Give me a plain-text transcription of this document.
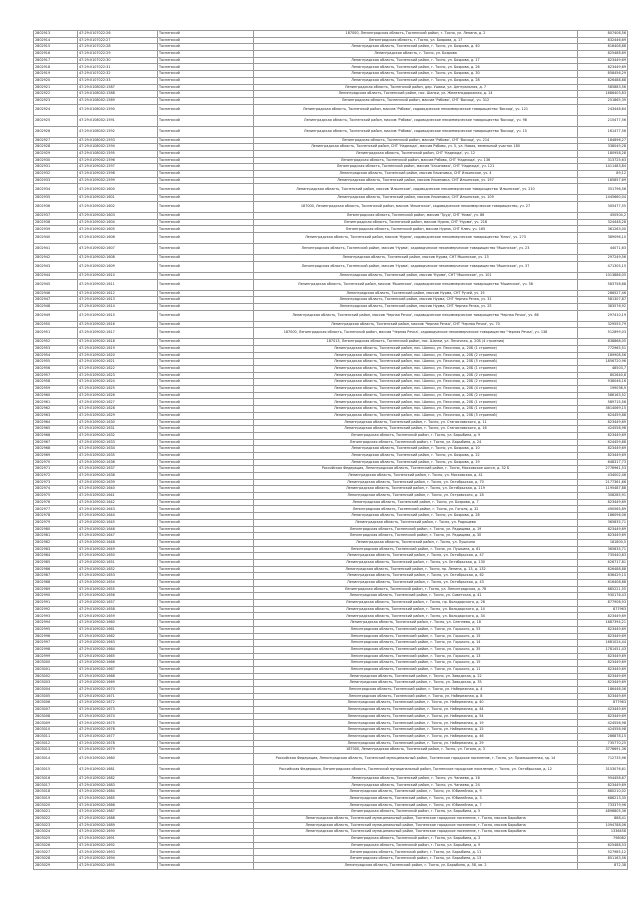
2802913	47:29:0107022:26	Тосненский	187000, Ленинградская область, Тосненский район, г. Тосно, ул. Ленина, д. 2	807408,56
2802914	47:29:0107022:27	Тосненский	Ленинградская область, г. Тосно, ул. Боярова, д. 17	832446,69
2802915	47:29:0107022:28	Тосненский	Ленинградская область, Тосненский район, г. Тосно, ул. Боярова, д. 40	816408,88
2802916	47:29:0107022:29	Тосненский	Ленинградская область, г. Тосно, ул. Боярова	825488,69
2802917	47:29:0107022:30	Тосненский	Ленинградская область, Тосненский район, г. Тосно, ул. Боярова, д. 17	823449,69
2802918	47:29:0107022:31	Тосненский	Ленинградская область, Тосненский район, г. Тосно, ул. Боярова, д. 26	823449,69
2802919	47:29:0107022:32	Тосненский	Ленинградская область, Тосненский район, г. Тосно, ул. Боярова, д. 30	858456,29
2802920	47:29:0107022:33	Тосненский	Ленинградская область, Тосненский район, г. Тосно, ул. Боярова, д. 28	826488,88
2802921	47:29:0108002:1587	Тосненский	Ленинградская область, Тосненский район, дер. Ушаки, ул. Центральная, д. 7	585883,56
2802922	47:29:0108002:1588	Тосненский	Ленинградская область, Тосненский район, пос. Шапки, ул. Железнодорожная, д. 14	1686403,83
2802923	47:29:0108002:1589	Тосненский	Ленинградская область, Тосненский район, массив 'Рябово', СНТ 'Восход', уч. 312	251865,39
2802924	47:29:0108002:1590	Тосненский	Ленинградская область, Тосненский район, массив 'Рябово', садоводческое некоммерческое товарищество 'Восход', уч. 121	243448,64
2802925	47:29:0108002:1591	Тосненский	Ленинградская область, Тосненский район, массив 'Рябово', садоводческое некоммерческое товарищество 'Восход', уч. 98	215477,56
2802926	47:29:0108002:1592	Тосненский	Ленинградская область, Тосненский район, массив 'Рябово', садоводческое некоммерческое товарищество 'Восход', уч. 15	161477,56
2802927	47:29:0108002:1593	Тосненский	Ленинградская область, Тосненский район, массив 'Рябово', СНТ 'Восход', уч. 214	184896,27
2802928	47:29:0108002:1594	Тосненский	Ленинградская область, Тосненский район, СНТ 'Надежда', массив Рябово, уч. 5, ул. Новая, земельный участок 180	338049,28
2802929	47:29:0108002:1595	Тосненский	Ленинградская область, Тосненский район, СНТ 'Надежда', уч. 12	180958,28
2802930	47:29:0109002:1596	Тосненский	Ленинградская область, Тосненский район, массив Рябово, СНТ 'Надежда', уч. 136	313725,63
2802931	47:29:0109002:1597	Тосненский	Ленинградская область, Тосненский район, массив 'Ульяновка', СНТ 'Надежда', уч. 121	1411483,84
2802932	47:29:0109002:1598	Тосненский	Ленинградская область, Тосненский район, массив Ульяновка, СНТ Ильинское, уч. 4	89,12
2802933	47:29:0109002:1599	Тосненский	Ленинградская область, Тосненский район, массив Ульяновка, СНТ Ильинское, уч. 197	185857,69
2802934	47:29:0109002:1600	Тосненский	Ленинградская область, Тосненский район, массив 'Ильинское', садоводческое некоммерческое товарищество 'Ильинское', уч. 210	351796,56
2802935	47:29:0109002:1601	Тосненский	Ленинградская область, Тосненский район, массив Ульяновка, СНТ Ильинское, уч. 109	1445660,04
2802936	47:29:0109002:1602	Тосненский	187000, Ленинградская область, Тосненский район, массив 'Ильинское', садоводческое некоммерческое товарищество, уч. 27	305477,55
2802937	47:29:0109002:1603	Тосненский	Ленинградская область, Тосненский район, массив 'Труд', СНТ 'Нива', уч. 86	450504,2
2802938	47:29:0109002:1604	Тосненский	Ленинградская область, Тосненский район, массив Нурма, СНТ 'Нурма', уч. 218	324448,28
2802939	47:29:0109002:1605	Тосненский	Ленинградская область, Тосненский район, массив Нурма, СНТ Ключ, уч. 165	361263,00
2802940	47:29:0109002:1606	Тосненский	Ленинградская область, Тосненский район, массив 'Нурма', садоводческое некоммерческое товарищество 'Ключ', уч. 273	389096,10
2802941	47:29:0109002:1607	Тосненский	Ленинградская область, Тосненский район, массив 'Нурма', садоводческое некоммерческое товарищество 'Мшинское', уч. 23	44071,63
2802942	47:29:0109002:1608	Тосненский	Ленинградская область, Тосненский район, массив Нурма, СНТ Мшинское, уч. 13	297249,56
2802943	47:29:0109002:1609	Тосненский	Ленинградская область, Тосненский район, массив 'Нурма', садоводческое некоммерческое товарищество 'Мшинское', уч. 37	471305,15
2802944	47:29:0109002:1610	Тосненский	Ленинградская область, Тосненский район, массив 'Нурма', СНТ 'Мшинское', уч. 101	1013886,05
2802945	47:29:0109002:1611	Тосненский	Ленинградская область, Тосненский район, массив 'Мшинская', садоводческое некоммерческое товарищество 'Мшинское', уч. 58	583758,68
2802946	47:29:0109002:1612	Тосненский	Ленинградская область, Тосненский район, массив Нурма, СНТ Ручей, уч. 19	286527,46
2802947	47:29:0109002:1613	Тосненский	Ленинградская область, Тосненский район, массив Нурма, СНТ Черная Речка, уч. 31	581307,87
2802948	47:29:0109002:1614	Тосненский	Ленинградская область, Тосненский район, массив Нурма, СНТ Черная Речка, уч. 25	383576,92
2802949	47:29:0109002:1615	Тосненский	Ленинградская область, Тосненский район, массив 'Черная Речка', садоводческое некоммерческое товарищество 'Черная Речка', уч. 66	297410,19
2802950	47:29:0109002:1616	Тосненский	Ленинградская область, Тосненский район, массив 'Черная Речка', СНТ 'Черная Речка', уч. 70	329555,79
2802951	47:29:0109002:1617	Тосненский	187000, Ленинградская область, Тосненский район, массив 'Черная Речка', садоводческое некоммерческое товарищество 'Черная Речка', уч. 138	512899,03
2802952	47:29:0109002:1618	Тосненский	187013, Ленинградская область, Тосненский район, пос. Шапки, ул. Песочная, д. 20Б (4 строения)	838868,05
2802953	47:29:0109002:1619	Тосненский	Ленинградская область, Тосненский район, пос. Шапки, ул. Песочная, д. 20Б (1 строение)	772965,51
2802954	47:29:0109002:1620	Тосненский	Ленинградская область, Тосненский район, пос. Шапки, ул. Песочная, д. 20Б (2 строения)	189908,56
2802955	47:29:0109002:1621	Тосненский	Ленинградская область, Тосненский район, пос. Шапки, ул. Песочная, д. 20Б (5 строений)	1856720,96
2802956	47:29:0109002:1622	Тосненский	Ленинградская область, Тосненский район, пос. Шапки, ул. Песочная, д. 20Б (1 строение)	48503,7
2802957	47:29:0109002:1623	Тосненский	Ленинградская область, Тосненский район, пос. Шапки, ул. Песочная, д. 20Б (2 строения)	802640,8
2802958	47:29:0109002:1624	Тосненский	Ленинградская область, Тосненский район, пос. Шапки, ул. Песочная, д. 20Б (2 строения)	938046,16
2802959	47:29:0109002:1625	Тосненский	Ленинградская область, Тосненский район, пос. Шапки, ул. Песочная, д. 20Б (4 строения)	199036,9
2802960	47:29:0109002:1626	Тосненский	Ленинградская область, Тосненский район, пос. Шапки, ул. Песочная, д. 20Б (2 строения)	586163,52
2802961	47:29:0109002:1627	Тосненский	Ленинградская область, Тосненский район, пос. Шапки, ул. Песочная, д. 20Б (1 строение)	589715,56
2802962	47:29:0109002:1628	Тосненский	Ленинградская область, Тосненский район, пос. Шапки, ул. Песочная, д. 20Б (1 строение)	3614069,15
2802963	47:29:0109002:1629	Тосненский	Ленинградская область, Тосненский район, пос. Шапки, ул. Песочная, д. 20Б (5 строений)	624459,88
2802964	47:29:0109002:1630	Тосненский	Ленинградская область, Тосненский район, г. Тосно, ул. Станиславского, д. 11	823449,69
2802965	47:29:0109002:1631	Тосненский	Ленинградская область, Тосненский район, г. Тосно, ул. Станиславского, д. 16	424558,98
2802966	47:29:0109002:1632	Тосненский	Ленинградская область, Тосненский район, г. Тосно, ул. Барыбина, д. 9	823449,69
2802967	47:29:0109002:1633	Тосненский	Ленинградская область, Тосненский район, г. Тосно, ул. Барыбина, д. 24	624459,88
2802968	47:29:0109002:1634	Тосненский	Ленинградская область, Тосненский район, г. Тосно, ул. Боярова, д. 10	823449,69
2802969	47:29:0109002:1635	Тосненский	Ленинградская область, Тосненский район, г. Тосно, ул. Боярова, д. 22	823449,69
2802970	47:29:0109002:1636	Тосненский	Ленинградская область, Тосненский район, г. Тосно, ул. Боярова, д. 19	648317,73
2802971	47:29:0109002:1637	Тосненский	Российская Федерация, Ленинградская область, Тосненский район, г. Тосно, Московское шоссе, д. 32 Б	2776961,53
2802972	47:29:0109002:1638	Тосненский	Ленинградская область, Тосненский район, г. Тосно, ул. Московская, д. 41	434002,46
2802973	47:29:0109002:1639	Тосненский	Ленинградская область, Тосненский район, г. Тосно, ул. Октябрьская, д. 70	2177361,66
2802974	47:29:0109002:1640	Тосненский	Ленинградская область, Тосненский район, г. Тосно, ул. Октябрьская, д. 119	1195487,88
2802975	47:29:0109002:1641	Тосненский	Ленинградская область, Тосненский район, г. Тосно, ул. Островского, д. 18	308285,91
2802976	47:29:0109002:1642	Тосненский	Ленинградская область, Тосненский район, г. Тосно, ул. Боярова, д. 7	823449,69
2802977	47:29:0109002:1643	Тосненский	Ленинградская область, Тосненский район, г. Тосно, ул. Гоголя, д. 32	490565,89
2802978	47:29:0109002:1644	Тосненский	Ленинградская область, Тосненский район, г. Тосно, ул. Боярова, д. 28	186096,06
2802979	47:29:0109002:1645	Тосненский	Ленинградская область, Тосненский район, г. Тосно, ул. Радищева	365835,71
2802980	47:29:0109002:1646	Тосненский	Ленинградская область, Тосненский район, г. Тосно, ул. Радищева, д. 19	823449,69
2802981	47:29:0109002:1647	Тосненский	Ленинградская область, Тосненский район, г. Тосно, ул. Радищева, д. 30	823449,69
2802982	47:29:0109002:1648	Тосненский	Ленинградская область, Тосненский район, г. Тосно, ул. Пушкина	181800,5
2802983	47:29:0109002:1649	Тосненский	Ленинградская область, Тосненский район, г. Тосно, ул. Пушкина, д. 61	365835,71
2802984	47:29:0109002:1650	Тосненский	Ленинградская область, Тосненский район, г. Тосно, ул. Октябрьская, д. 47	735440,83
2802985	47:29:0109002:1651	Тосненский	Ленинградская область, Тосненский район, г. Тосно, ул. Октябрьская, д. 130	626717,81
2802986	47:29:0109002:1652	Тосненский	Ленинградская область, Тосненский район, г. Тосно, пр. Ленина, д. 13, д. 132	826488,88
2802987	47:29:0109002:1653	Тосненский	Ленинградская область, Тосненский район, г. Тосно, ул. Октябрьская, д. 62	836429,10
2802988	47:29:0109002:1654	Тосненский	Ленинградская область, Тосненский район, г. Тосно, ул. Октябрьская, д. 43	816408,88
2802989	47:29:0109002:1655	Тосненский	Ленинградская область, Тосненский район, г. Тосно, ул. Ленинградская, д. 78	885221,55
2802990	47:29:0109002:1656	Тосненский	Ленинградская область, Тосненский район, г. Тосно, ул. Советская, д. 41	930176,43
2802991	47:29:0109002:1657	Тосненский	Ленинградская область, Тосненский район, г. Тосно, пр. Володарского, д. 26	877908,93
2802992	47:29:0109002:1658	Тосненский	Ленинградская область, Тосненский район, г. Тосно, ул. Володарского, д. 14	877963
2802993	47:29:0109002:1659	Тосненский	Ленинградская область, Тосненский район, г. Тосно, ул. Володарского, д. 34	823449,69
2802994	47:29:0109002:1660	Тосненский	Ленинградская область, Тосненский район, г. Тосно, ул. Слепнева, д. 18	1687394,21
2802995	47:29:0109002:1661	Тосненский	Ленинградская область, Тосненский район, г. Тосно, ул. Горького, д. 53	823449,69
2802996	47:29:0109002:1662	Тосненский	Ленинградская область, Тосненский район, г. Тосно, ул. Горького, д. 15	823449,69
2802997	47:29:0109002:1663	Тосненский	Ленинградская область, Тосненский район, г. Тосно, ул. Горького, д. 14	1681024,44
2802998	47:29:0109002:1664	Тосненский	Ленинградская область, Тосненский район, г. Тосно, ул. Горького, д. 35	1781451,43
2802999	47:29:0109002:1665	Тосненский	Ленинградская область, Тосненский район, г. Тосно, ул. Горького, д. 13	823449,69
2803000	47:29:0109002:1666	Тосненский	Ленинградская область, Тосненский район, г. Тосно, ул. Горького, д. 15	823449,69
2803001	47:29:0109002:1667	Тосненский	Ленинградская область, Тосненский район, г. Тосно, ул. Горького, д. 11	823449,69
2803002	47:29:0109002:1668	Тосненский	Ленинградская область, Тосненский район, г. Тосно, ул. Заводская, д. 22	823449,69
2803003	47:29:0109002:1669	Тосненский	Ленинградская область, Тосненский район, г. Тосно, ул. Заводская, д. 35	823449,69
2803004	47:29:0109002:1670	Тосненский	Ленинградская область, Тосненский район, г. Тосно, ул. Набережная, д. 4	186446,06
2803005	47:29:0109002:1671	Тосненский	Ленинградская область, Тосненский район, г. Тосно, ул. Набережная, д. 8	823449,69
2803006	47:29:0109002:1672	Тосненский	Ленинградская область, Тосненский район, г. Тосно, ул. Набережная, д. 40	877963
2803007	47:29:0109002:1673	Тосненский	Ленинградская область, Тосненский район, г. Тосно, ул. Набережная, д. 44	423449,69
2803008	47:29:0109002:1674	Тосненский	Ленинградская область, Тосненский район, г. Тосно, ул. Набережная, д. 54	823449,69
2803009	47:29:0109002:1675	Тосненский	Ленинградская область, Тосненский район, г. Тосно, ул. Набережная, д. 19	424558,98
2803010	47:29:0109002:1676	Тосненский	Ленинградская область, Тосненский район, г. Тосно, ул. Набережная, д. 15	424558,98
2803011	47:29:0109002:1677	Тосненский	Ленинградская область, Тосненский район, г. Тосно, ул. Набережная, д. 46	286878,15
2803012	47:29:0109002:1678	Тосненский	Ленинградская область, Тосненский район, г. Тосно, ул. Набережная, д. 29	735770,25
2803013	47:29:0109002:1679	Тосненский	187000, Ленинградская область, Тосненский район, г. Тосно, ул. Гоголя, д. 3	3776691,36
2803014	47:29:0109002:1680	Тосненский	Российская Федерация, Ленинградская область, Тосненский муниципальный район, Тосненское городское поселение, г. Тосно, ул. Промышленная, зд. 14	712735,96
2803015	47:29:0109002:1681	Тосненский	Российская Федерация, Ленинградская область, Тосненский муниципальный район, Тосненское городское поселение, г. Тосно, ул. Октябрьская, д. 12	3153076,61
2803016	47:29:0109002:1682	Тосненский	Ленинградская область, Тосненский район, г. Тосно, ул. Чапаева, д. 16	954458,67
2803017	47:29:0109002:1683	Тосненский	Ленинградская область, Тосненский район, г. Тосно, ул. Чапаева, д. 24	823449,69
2803018	47:29:0109002:1684	Тосненский	Ленинградская область, Тосненский район, г. Тосно, ул. Юбилейная, д. 9	880210,02
2803019	47:29:0109002:1685	Тосненский	Ленинградская область, Тосненский район, г. Тосно, ул. Юбилейная, д. 3	686213,35
2803020	47:29:0109002:1686	Тосненский	Ленинградская область, Тосненский район, г. Тосно, ул. Юбилейная, д. 7	733379,96
2803021	47:29:0109002:1687	Тосненский	Ленинградская область, Тосненский район, г. Тосно, ул. Барыбина, д. 5	4898805,36
2803022	47:29:0109002:1688	Тосненский	Ленинградская область, Тосненский муниципальный район, Тосненское городское поселение, г. Тосно, массив Барыбина	888,41
2803023	47:29:0109002:1689	Тосненский	Ленинградская область, Тосненский муниципальный район, Тосненское городское поселение, г. Тосно, массив Барыбина	1094788,06
2803024	47:29:0109002:1690	Тосненский	Ленинградская область, Тосненский муниципальный район, Тосненское городское поселение, г. Тосно, массив Барыбина	1336458
2803025	47:29:0109002:1691	Тосненский	Ленинградская область, Тосненский район, г. Тосно, ул. Барыбина, д. 3	798082
2803026	47:29:0109002:1692	Тосненский	Ленинградская область, Тосненский район, г. Тосно, ул. Барыбина, д. 9	625488,53
2803027	47:29:0109002:1693	Тосненский	Ленинградская область, Тосненский район, г. Тосно, ул. Барыбина, д. 11	527985,12
2803028	47:29:0109002:1694	Тосненский	Ленинградская область, Тосненский район, г. Тосно, ул. Барыбина, д. 13	851163,56
2803029	47:29:0109002:1695	Тосненский	Ленинградская область, Тосненский район, г. Тосно, ул. Барыбина, д. 58, кв. 2	872,38
